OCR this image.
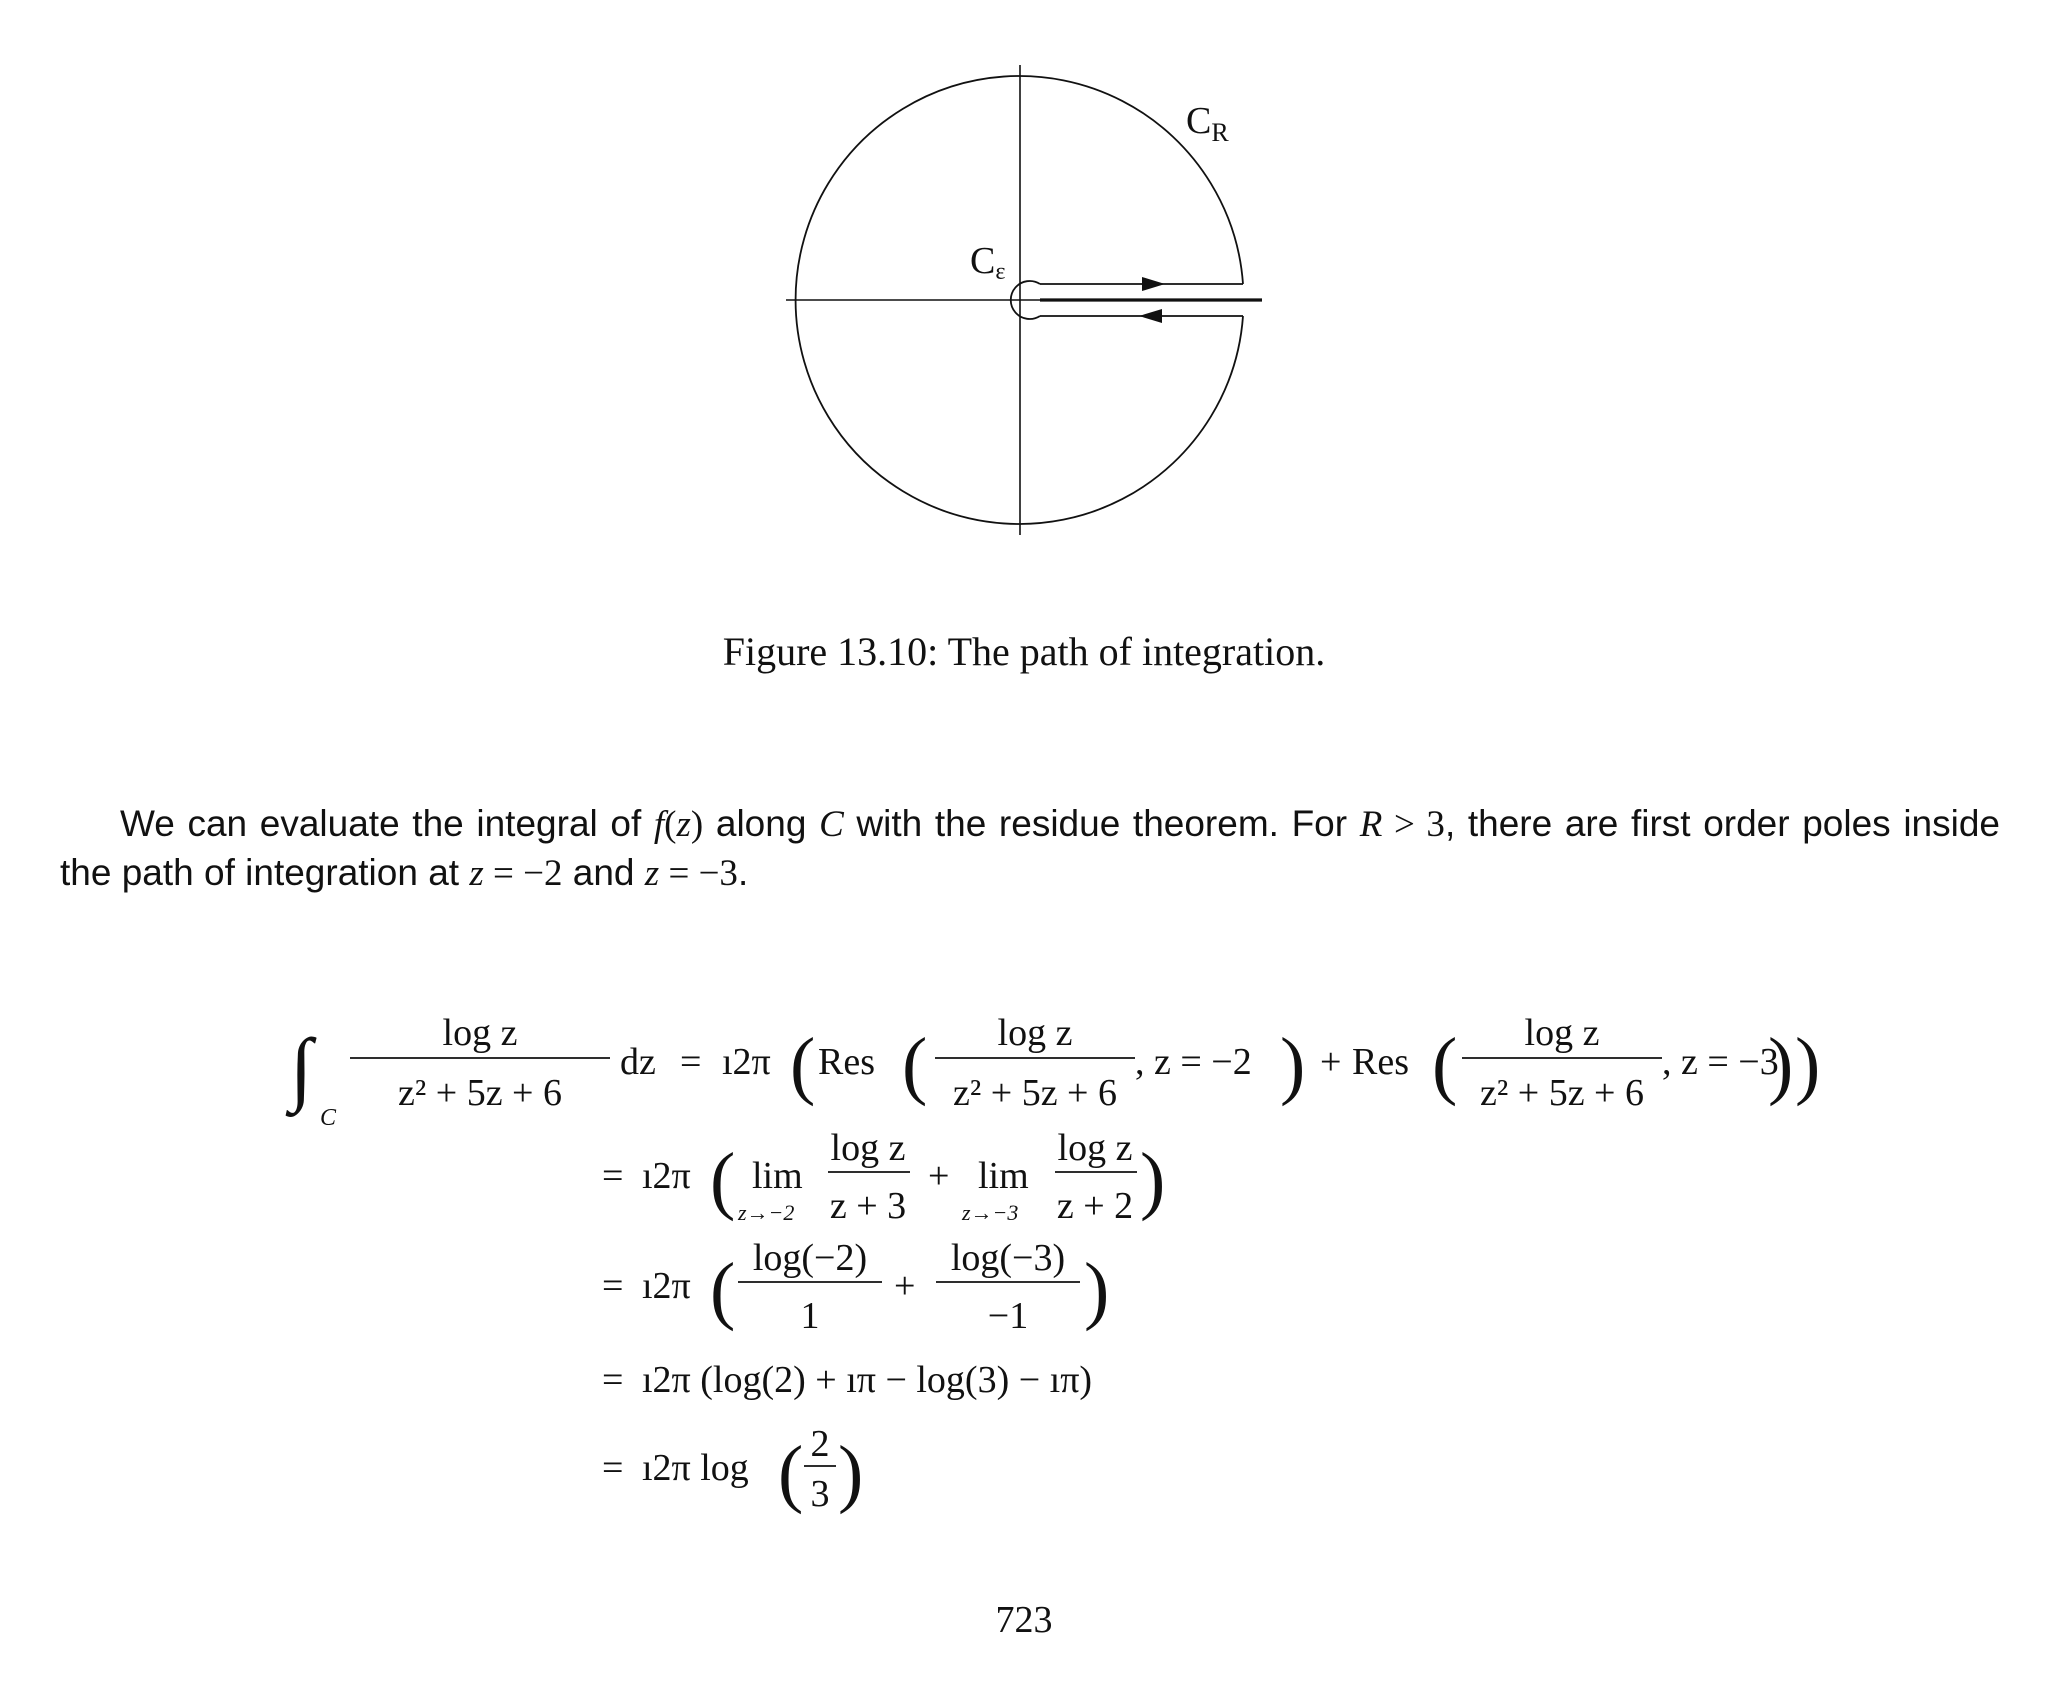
$C_R$
Cε
Figure 13.10: The path of integration.

We can evaluate the integral of f(z) along C with the residue theorem. For R > 3, there are first order poles inside the path of integration at z = −2 and z = −3.

∫
C
log z
z² + 5z + 6
dz = ı2π ( Res ( log z
z² + 5z + 6
, z = −2 ) + Res ( log z
z² + 5z + 6
, z = −3 )
)
= ı2π ( lim
z→−2
log z
z + 3
+ lim
z→−3
log z
z + 2 )
= ı2π ( log(−2)
1
+
log(−3)
−1 )
= ı2π (log(2) + ıπ − log(3) − ıπ)
= ı2π log ( 2
3 )
723
